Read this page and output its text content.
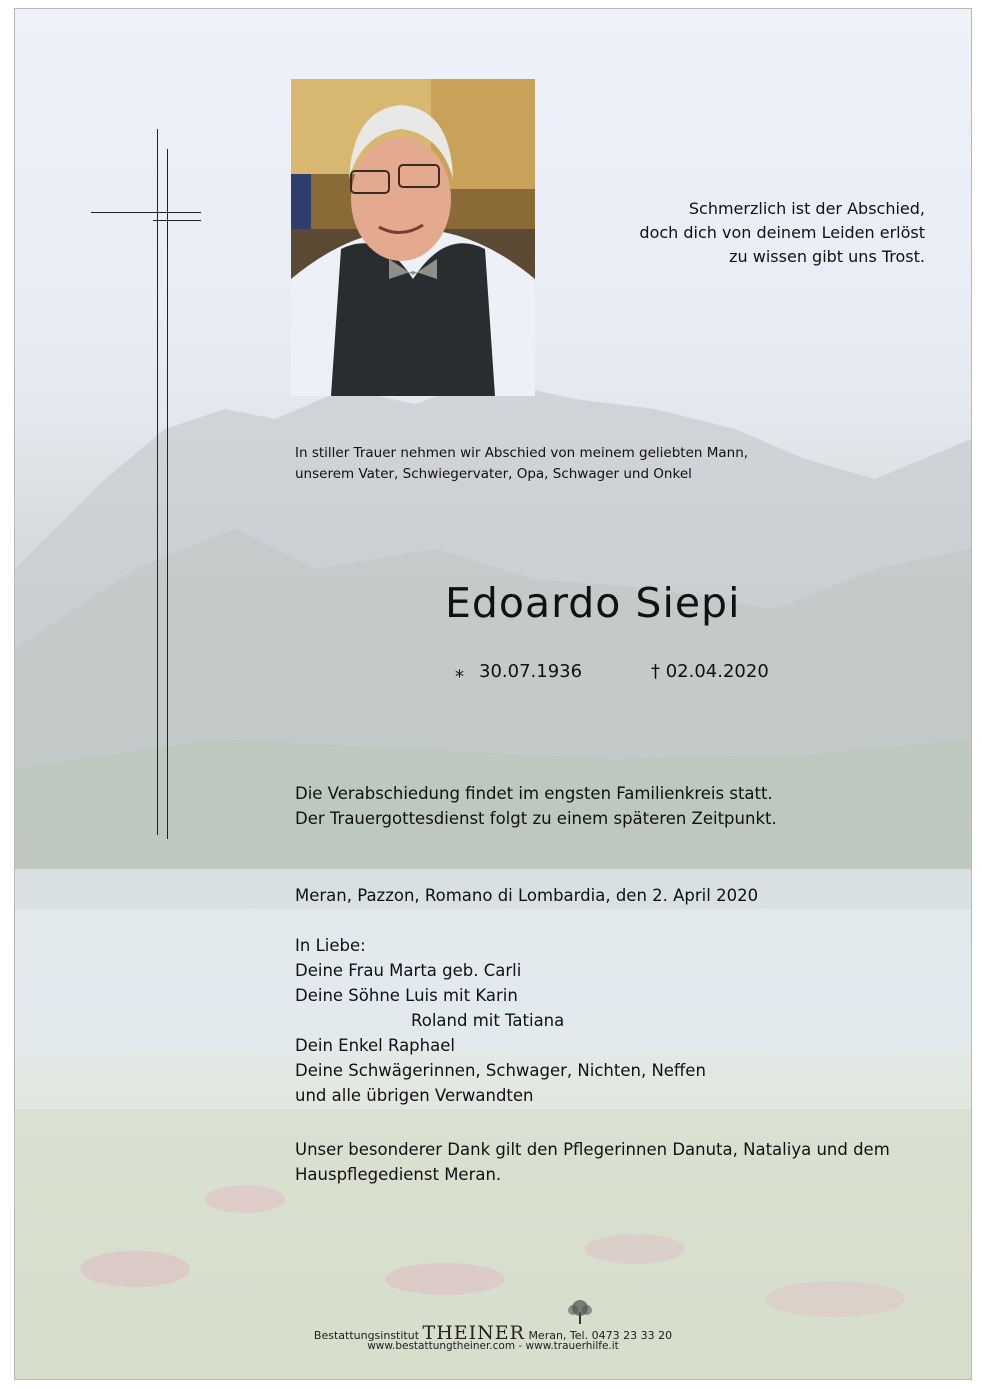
Schmerzlich ist der Abschied,
doch dich von deinem Leiden erlöst
zu wissen gibt uns Trost.
In stiller Trauer nehmen wir Abschied von meinem geliebten Mann,
unserem Vater, Schwiegervater, Opa, Schwager und Onkel
Edoardo Siepi
⁎ 30.07.1936	† 02.04.2020
Die Verabschiedung findet im engsten Familienkreis statt.
Der Trauergottesdienst folgt zu einem späteren Zeitpunkt.
Meran, Pazzon, Romano di Lombardia, den 2. April 2020
In Liebe:
Deine Frau Marta geb. Carli
Deine Söhne Luis mit Karin
Roland mit Tatiana
Dein Enkel Raphael
Deine Schwägerinnen, Schwager, Nichten, Neffen
und alle übrigen Verwandten
Unser besonderer Dank gilt den Pflegerinnen Danuta, Nataliya und dem
Hauspflegedienst Meran.
Bestattungsinstitut THEINER Meran, Tel. 0473 23 33 20
www.bestattungtheiner.com - www.trauerhilfe.it
